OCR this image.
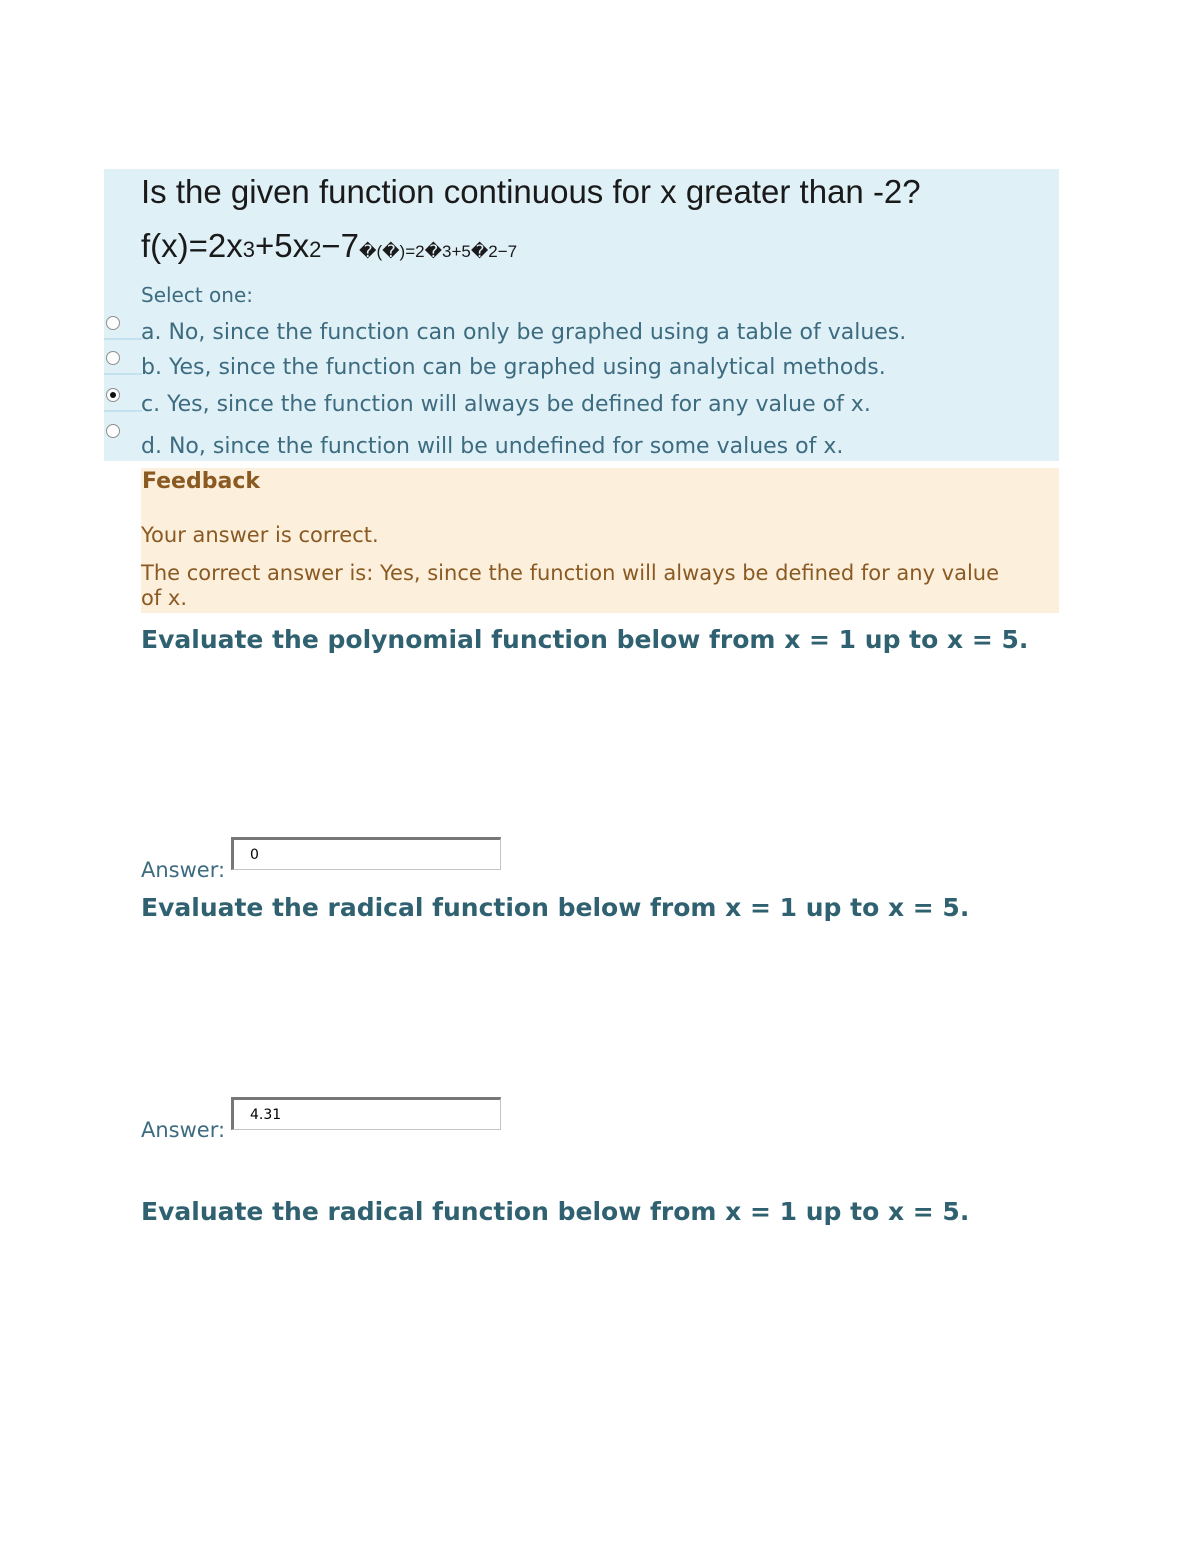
Is the given function continuous for x greater than -2?
f(x)=2x3+5x2−7�(�)=2�3+5�2−7
Select one:
a. No, since the function can only be graphed using a table of values.
b. Yes, since the function can be graphed using analytical methods.
c. Yes, since the function will always be defined for any value of x.
d. No, since the function will be undefined for some values of x.
Feedback
Your answer is correct.
The correct answer is: Yes, since the function will always be defined for any value of x.
Evaluate the polynomial function below from x = 1 up to x = 5.
Answer:
0
Evaluate the radical function below from x = 1 up to x = 5.
Answer:
4.31
Evaluate the radical function below from x = 1 up to x = 5.
